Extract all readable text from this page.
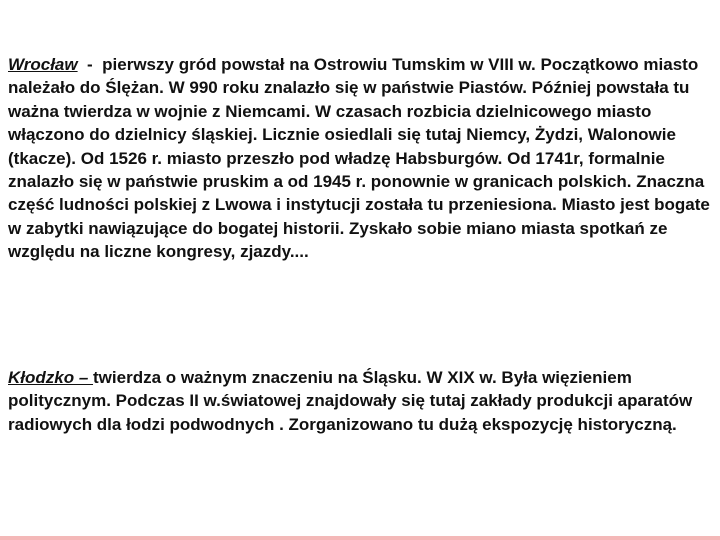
Wrocław  -  pierwszy gród powstał na Ostrowiu Tumskim w VIII w. Początkowo miasto należało do Ślężan. W 990 roku znalazło się w państwie Piastów. Później powstała tu ważna twierdza w wojnie z Niemcami. W czasach rozbicia dzielnicowego miasto włączono do dzielnicy śląskiej. Licznie osiedlali się tutaj Niemcy, Żydzi, Walonowie (tkacze). Od 1526 r. miasto przeszło pod władzę Habsburgów. Od 1741r, formalnie znalazło się w państwie pruskim a od 1945 r. ponownie w granicach polskich. Znaczna część ludności polskiej z Lwowa i instytucji została tu przeniesiona. Miasto jest bogate w zabytki nawiązujące do bogatej historii. Zyskało sobie miano miasta spotkań ze względu na liczne kongresy, zjazdy....

Kłodzko – twierdza o ważnym znaczeniu na Śląsku. W XIX w. Była więzieniem politycznym. Podczas II w.światowej znajdowały się tutaj zakłady produkcji aparatów radiowych dla łodzi podwodnych . Zorganizowano tu dużą ekspozycję historyczną.
